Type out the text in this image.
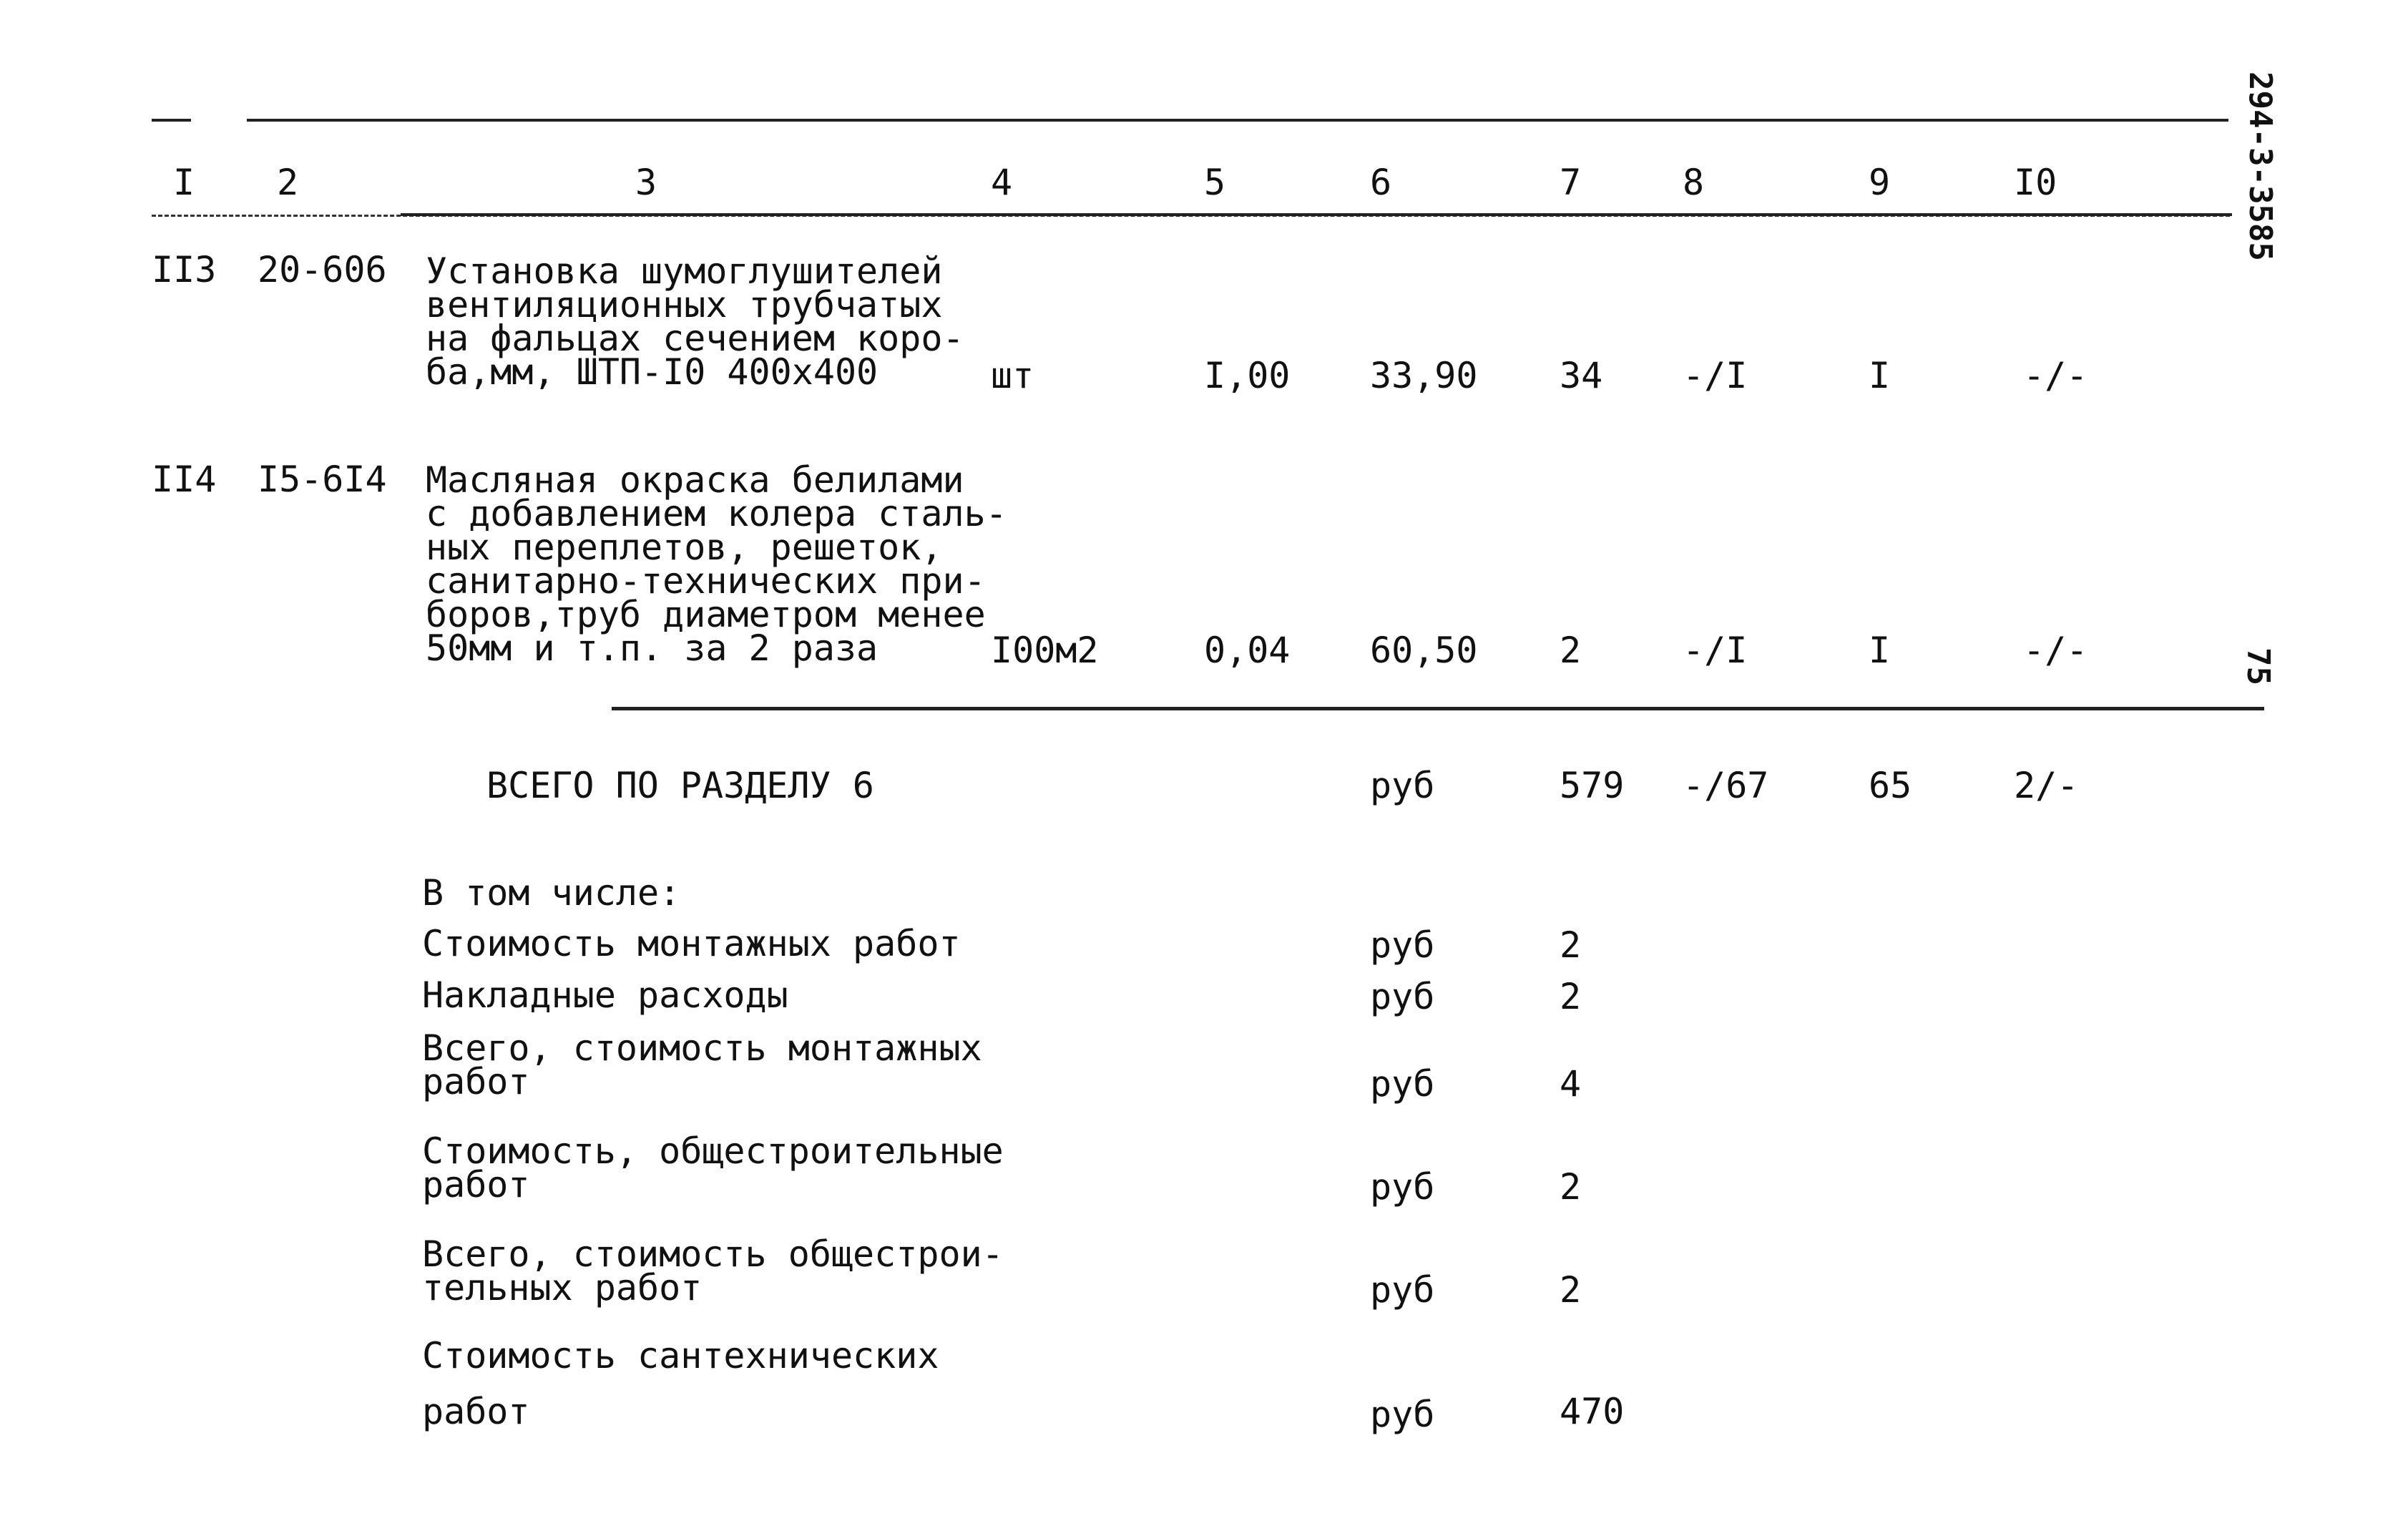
294-3-3585
75
I 2	3	4	5	6	7	8	9	I0
II3 20-606 Установка шумоглушителей
вентиляционных трубчатых
на фальцах сечением коро-
ба,мм, ШТП-I0 400x400	шт	I,00 33,90 34 -/I	I	-/-
II4 I5-6I4 Масляная окраска белилами
с добавлением колера сталь-
ных переплетов, решеток,
санитарно-технических при-
боров,труб диаметром менее
50мм и т.п. за 2 раза	I00м2	0,04 60,50 2	-/I	I	-/-
ВСЕГО ПО РАЗДЕЛУ 6	руб	579 -/67	65	2/-
В том числе:
Стоимость монтажных работ	руб	2
Накладные расходы	руб	2
Всего, стоимость монтажных
работ	руб	4
Стоимость, общестроительные
работ	руб	2
Всего, стоимость общестрои-
тельных работ	руб	2
Стоимость сантехнических

работ	руб	470
